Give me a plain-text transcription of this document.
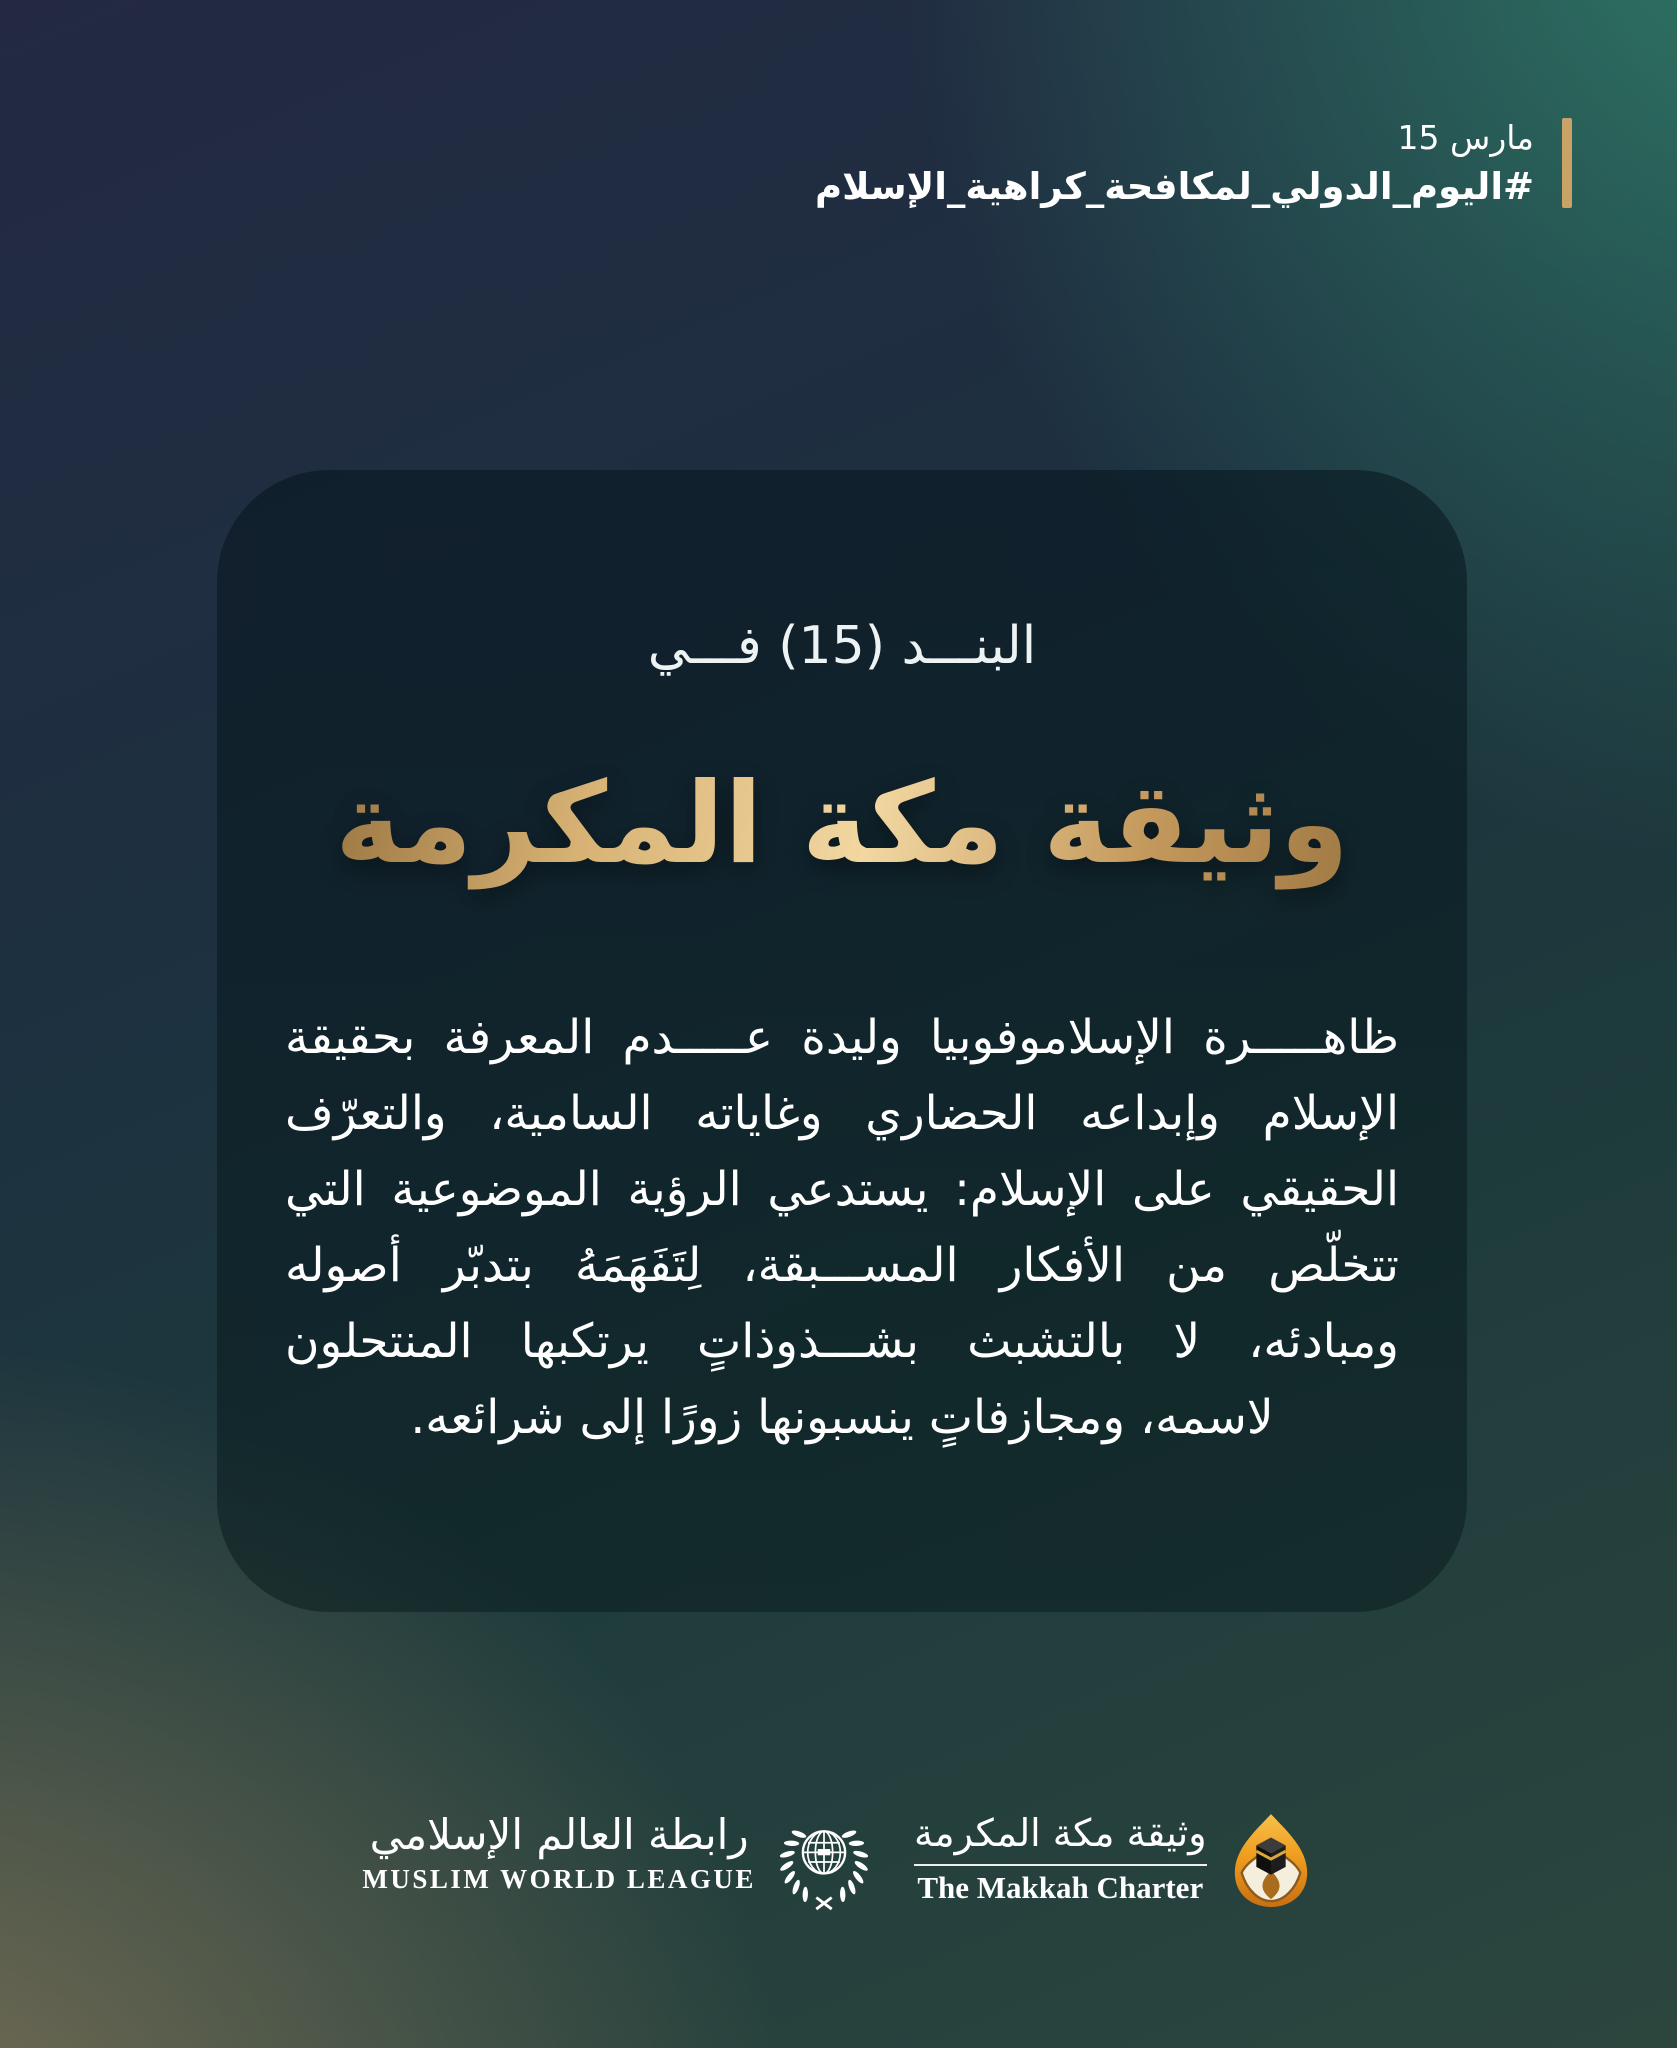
مارس 15
#اليوم_الدولي_لمكافحة_كراهية_الإسلام
البنـــد (15) فـــي
وثيقة مكة المكرمة
ظاهـــــرة الإسلاموفوبيا وليدة عـــــدم المعرفة بحقيقة
الإسلام وإبداعه الحضاري وغاياته السامية، والتعرّف
الحقيقي على الإسلام: يستدعي الرؤية الموضوعية التي
تتخلّص من الأفكار المســـبقة، لِتَفَهَمَهُ بتدبّر أصوله
ومبادئه، لا بالتشبث بشـــذوذاتٍ يرتكبها المنتحلون
لاسمه، ومجازفاتٍ ينسبونها زورًا إلى شرائعه.
رابطة العالم الإسلامي
MUSLIM WORLD LEAGUE
وثيقة مكة المكرمة
The Makkah Charter
